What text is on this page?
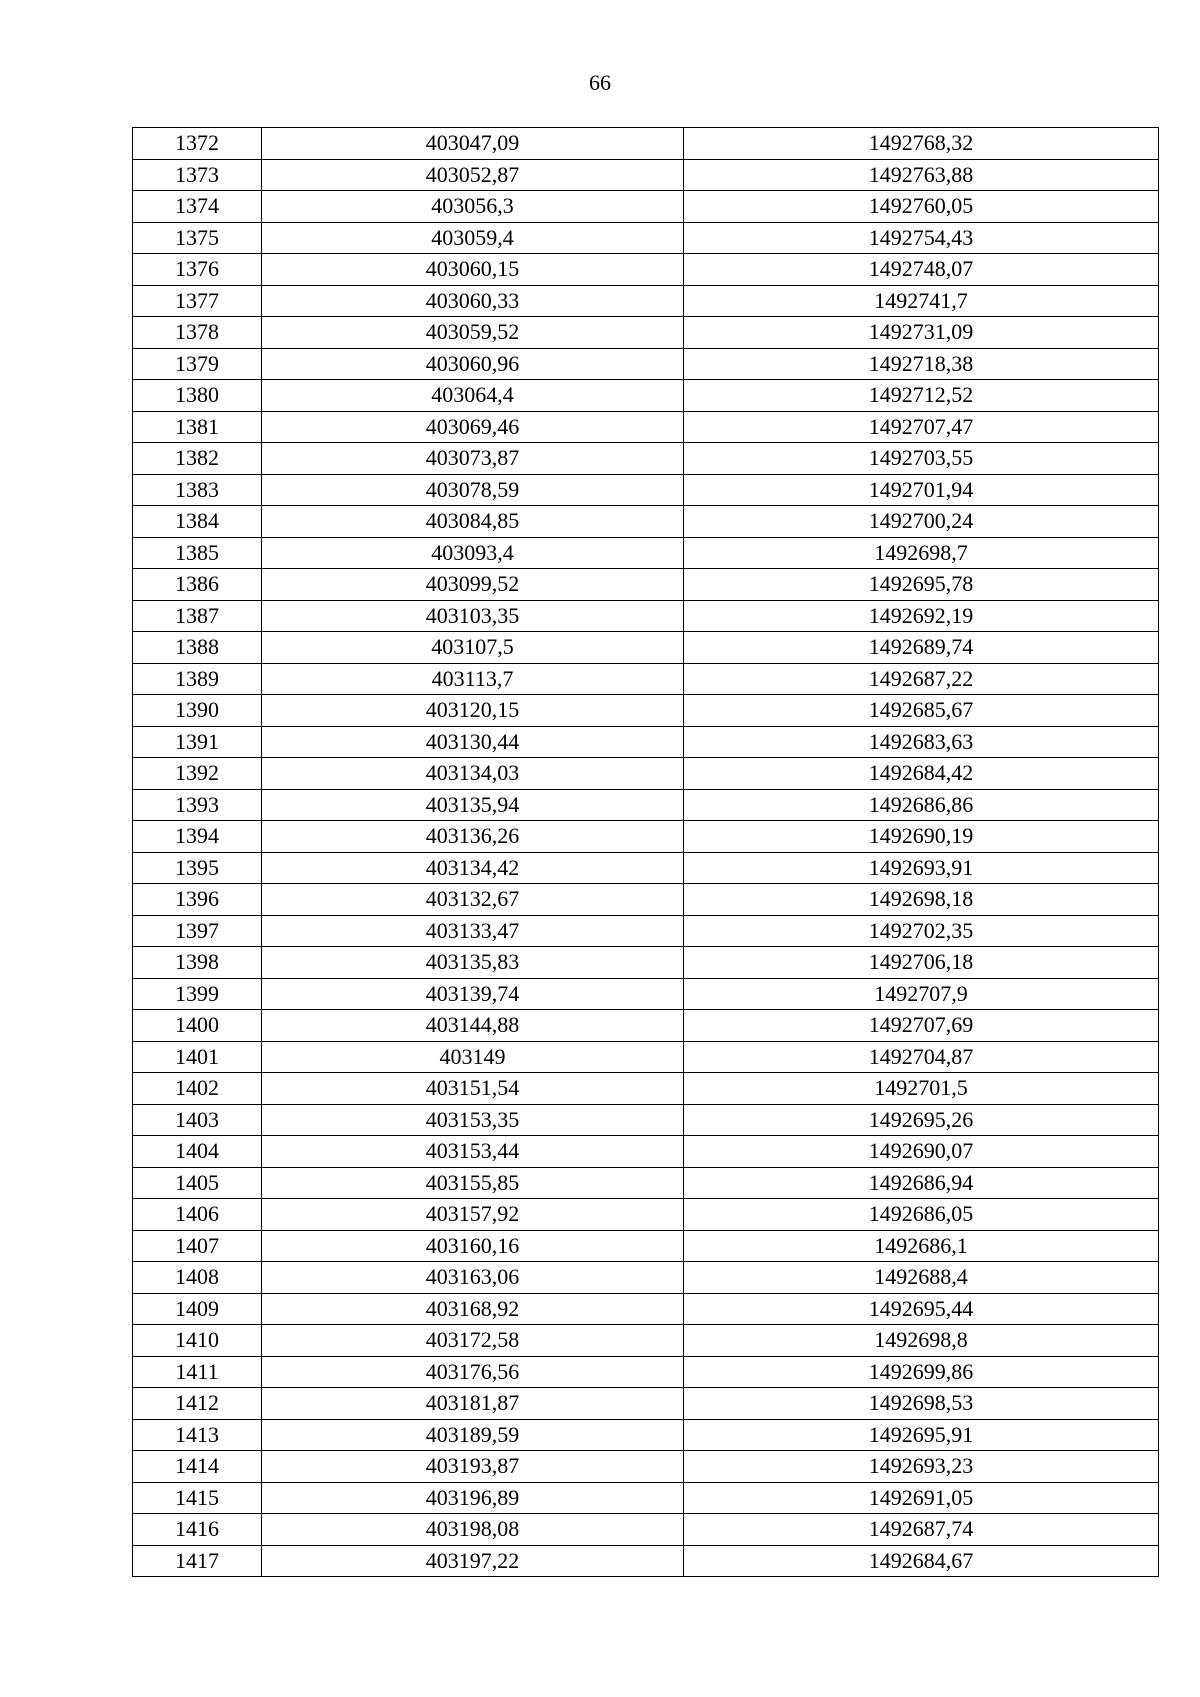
66
1372	403047,09	1492768,32
1373	403052,87	1492763,88
1374	403056,3	1492760,05
1375	403059,4	1492754,43
1376	403060,15	1492748,07
1377	403060,33	1492741,7
1378	403059,52	1492731,09
1379	403060,96	1492718,38
1380	403064,4	1492712,52
1381	403069,46	1492707,47
1382	403073,87	1492703,55
1383	403078,59	1492701,94
1384	403084,85	1492700,24
1385	403093,4	1492698,7
1386	403099,52	1492695,78
1387	403103,35	1492692,19
1388	403107,5	1492689,74
1389	403113,7	1492687,22
1390	403120,15	1492685,67
1391	403130,44	1492683,63
1392	403134,03	1492684,42
1393	403135,94	1492686,86
1394	403136,26	1492690,19
1395	403134,42	1492693,91
1396	403132,67	1492698,18
1397	403133,47	1492702,35
1398	403135,83	1492706,18
1399	403139,74	1492707,9
1400	403144,88	1492707,69
1401	403149	1492704,87
1402	403151,54	1492701,5
1403	403153,35	1492695,26
1404	403153,44	1492690,07
1405	403155,85	1492686,94
1406	403157,92	1492686,05
1407	403160,16	1492686,1
1408	403163,06	1492688,4
1409	403168,92	1492695,44
1410	403172,58	1492698,8
1411	403176,56	1492699,86
1412	403181,87	1492698,53
1413	403189,59	1492695,91
1414	403193,87	1492693,23
1415	403196,89	1492691,05
1416	403198,08	1492687,74
1417	403197,22	1492684,67
